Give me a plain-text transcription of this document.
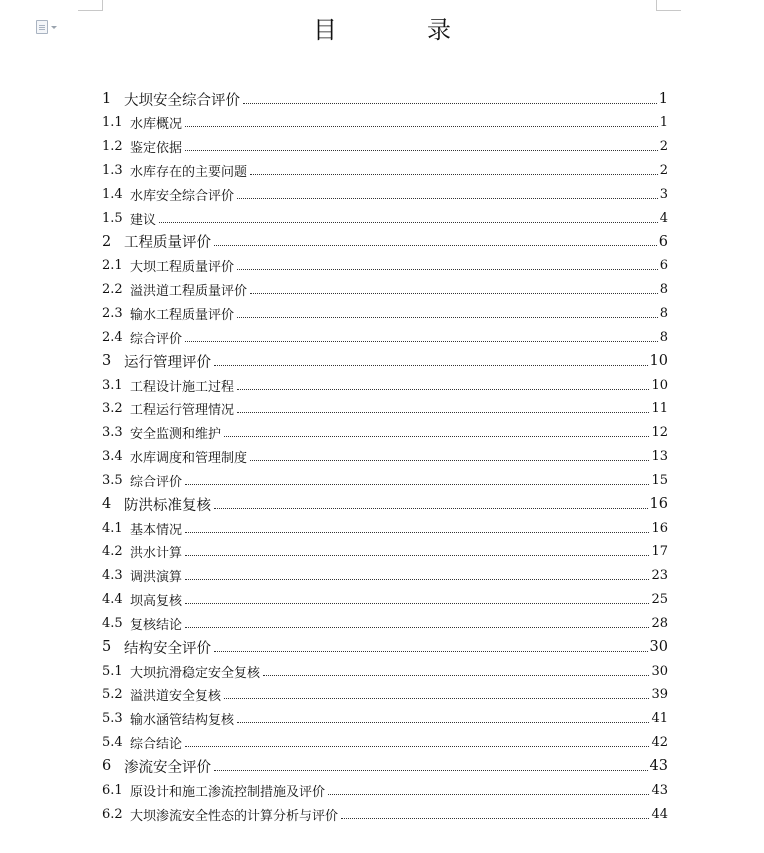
目	录
1 大坝安全综合评价	1
1.1 水库概况	1
1.2 鉴定依据	2
1.3 水库存在的主要问题	2
1.4 水库安全综合评价	3
1.5 建议	4
2 工程质量评价	6
2.1 大坝工程质量评价	6
2.2 溢洪道工程质量评价	8
2.3 输水工程质量评价	8
2.4 综合评价	8
3 运行管理评价	10
3.1 工程设计施工过程	10
3.2 工程运行管理情况	11
3.3 安全监测和维护	12
3.4 水库调度和管理制度	13
3.5 综合评价	15
4 防洪标准复核	16
4.1 基本情况	16
4.2 洪水计算	17
4.3 调洪演算	23
4.4 坝高复核	25
4.5 复核结论	28
5 结构安全评价	30
5.1 大坝抗滑稳定安全复核	30
5.2 溢洪道安全复核	39
5.3 输水涵管结构复核	41
5.4 综合结论	42
6 渗流安全评价	43
6.1 原设计和施工渗流控制措施及评价	43
6.2 大坝渗流安全性态的计算分析与评价	44
